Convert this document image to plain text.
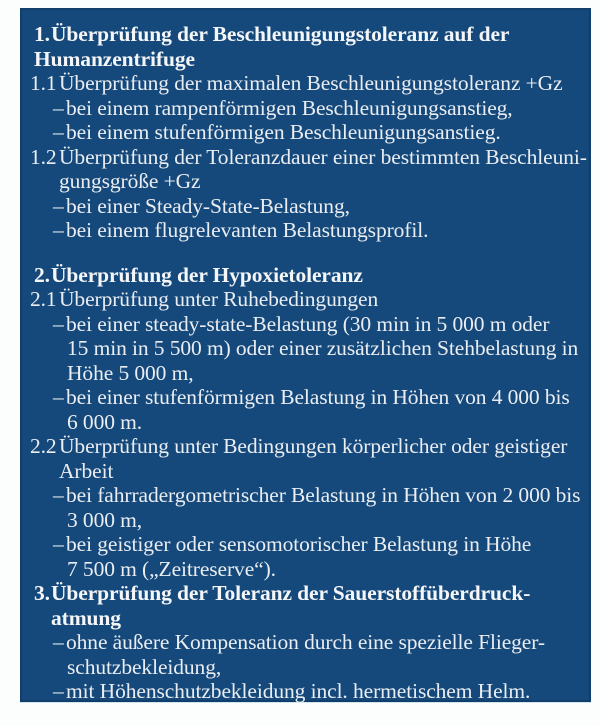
1.Überprüfung der Beschleunigungstoleranz auf der
Humanzentrifuge
1.1 Überprüfung der maximalen Beschleunigungstoleranz +Gz
– bei einem rampenförmigen Beschleunigungsanstieg,
– bei einem stufenförmigen Beschleunigungsanstieg.
1.2 Überprüfung der Toleranzdauer einer bestimmten Beschleuni-
gungsgröße +Gz
– bei einer Steady-State-Belastung,
– bei einem flugrelevanten Belastungsprofil.
2.Überprüfung der Hypoxietoleranz
2.1 Überprüfung unter Ruhebedingungen
– bei einer steady-state-Belastung (30 min in 5 000 m oder
15 min in 5 500 m) oder einer zusätzlichen Stehbelastung in
Höhe 5 000 m,
– bei einer stufenförmigen Belastung in Höhen von 4 000 bis
6 000 m.
2.2 Überprüfung unter Bedingungen körperlicher oder geistiger
Arbeit
– bei fahrradergometrischer Belastung in Höhen von 2 000 bis
3 000 m,
– bei geistiger oder sensomotorischer Belastung in Höhe
7 500 m („Zeitreserve“).
3.Überprüfung der Toleranz der Sauerstoffüberdruck-
atmung
– ohne äußere Kompensation durch eine spezielle Flieger-
schutzbekleidung,
– mit Höhenschutzbekleidung incl. hermetischem Helm.
